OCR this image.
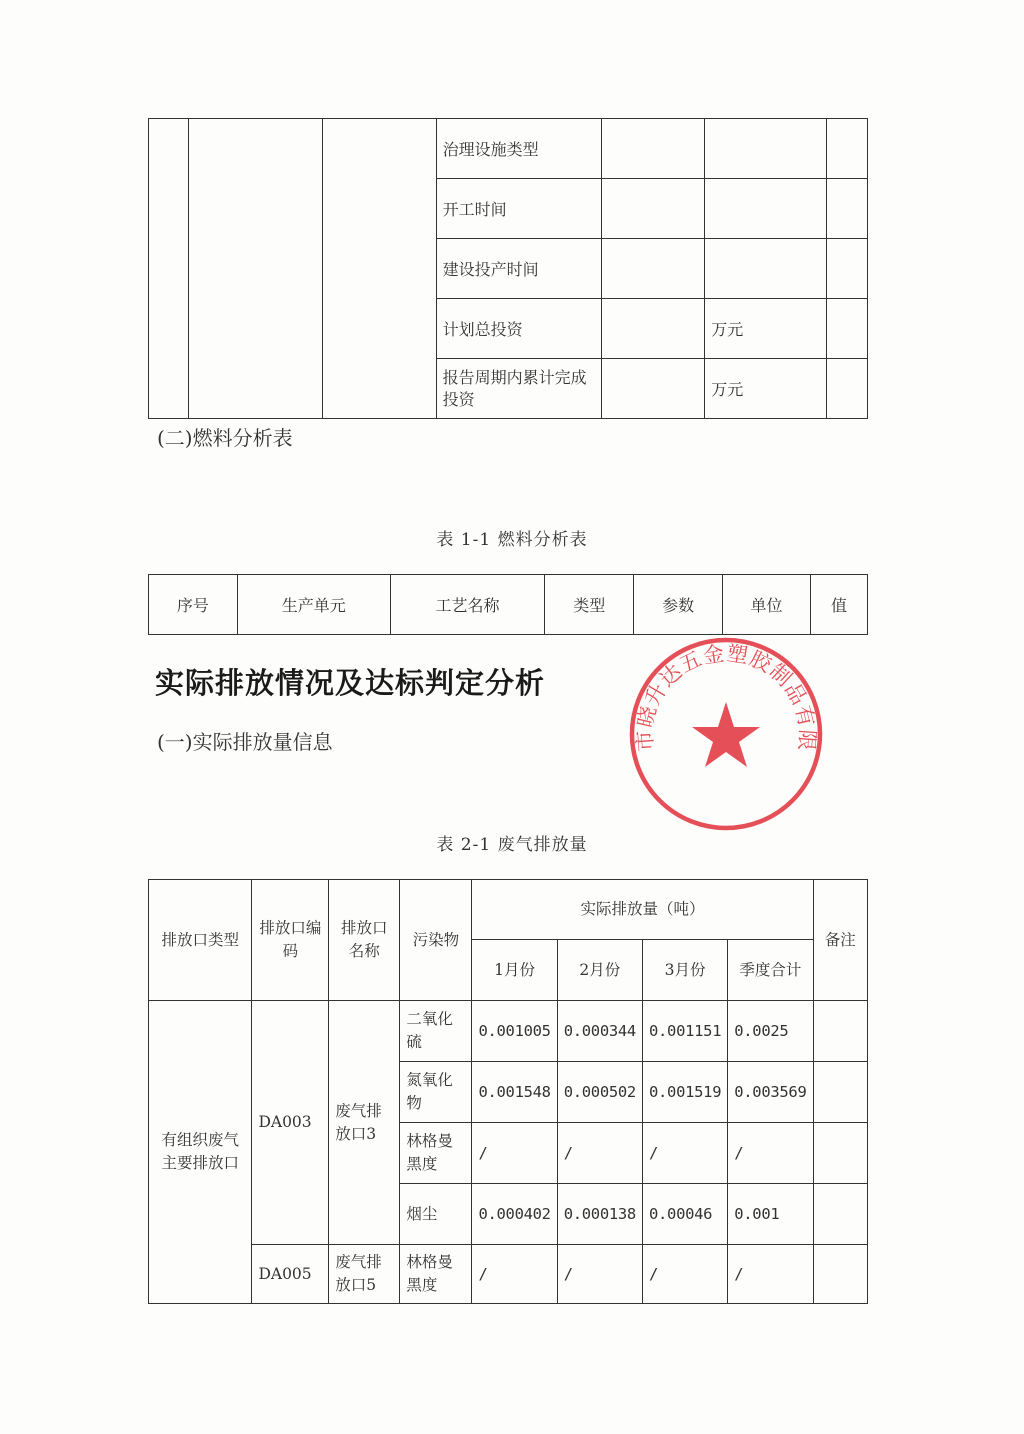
			治理设施类型			
			开工时间			
			建设投产时间			
			计划总投资		万元	
			报告周期内累计完成投资		万元	
(二)燃料分析表
表 1-1 燃料分析表
序号	生产单元	工艺名称	类型	参数	单位	值
实际排放情况及达标判定分析
(一)实际排放量信息
表 2-1 废气排放量
市晓升达五金塑胶制品有限
排放口类型	排放口编码	排放口名称	污染物	实际排放量（吨）				备注
				1月份	2月份	3月份	季度合计	
有组织废气主要排放口	DA003	废气排放口3	二氧化硫	0.001005	0.000344	0.001151	0.0025	
			氮氧化物	0.001548	0.000502	0.001519	0.003569	
			林格曼黑度	/	/	/	/	
			烟尘	0.000402	0.000138	0.00046	0.001	
	DA005	废气排放口5	林格曼黑度	/	/	/	/	
